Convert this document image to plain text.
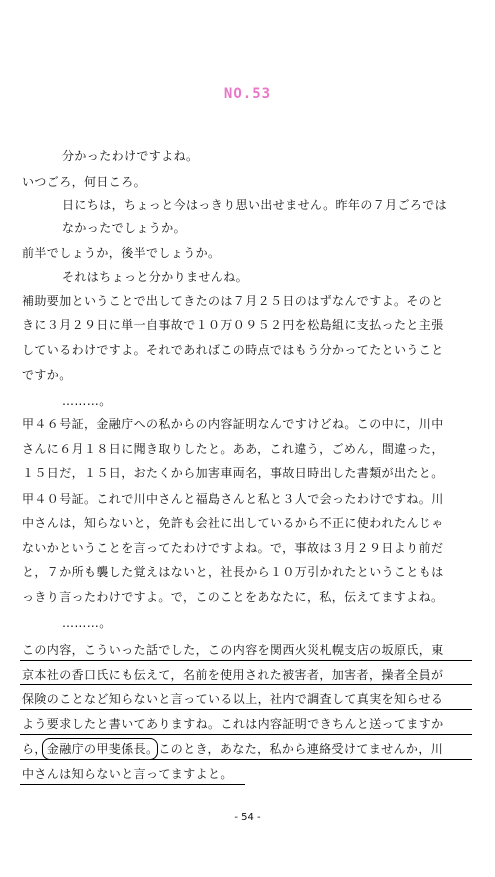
NO.53
分かったわけですよね。
いつごろ，何日ころ。
日にちは，ちょっと今はっきり思い出せません。昨年の７月ごろでは
なかったでしょうか。
前半でしょうか，後半でしょうか。
それはちょっと分かりませんね。
補助要加ということで出してきたのは７月２５日のはずなんですよ。そのと
きに３月２９日に単一自事故で１０万０９５２円を松島組に支払ったと主張
しているわけですよ。それであればこの時点ではもう分かってたということ
ですか。
………。
甲４６号証，金融庁への私からの内容証明なんですけどね。この中に，川中
さんに６月１８日に聞き取りしたと。ああ，これ違う，ごめん，間違った，
１５日だ，１５日，おたくから加害車両名，事故日時出した書類が出たと。
甲４０号証。これで川中さんと福島さんと私と３人で会ったわけですね。川
中さんは，知らないと，免許も会社に出しているから不正に使われたんじゃ
ないかということを言ってたわけですよね。で，事故は３月２９日より前だ
と，７か所も襲した覚えはないと，社長から１０万引かれたということもは
っきり言ったわけですよ。で，このことをあなたに，私，伝えてますよね。
………。
この内容，こういった話でした，この内容を関西火災札幌支店の坂原氏，東
京本社の香口氏にも伝えて，名前を使用された被害者，加害者，操者全員が
保険のことなど知らないと言っている以上，社内で調査して真実を知らせる
よう要求したと書いてありますね。これは内容証明できちんと送ってますか
ら，金融庁の甲斐係長。このとき，あなた，私から連絡受けてませんか，川
中さんは知らないと言ってますよと。
- 54 -
